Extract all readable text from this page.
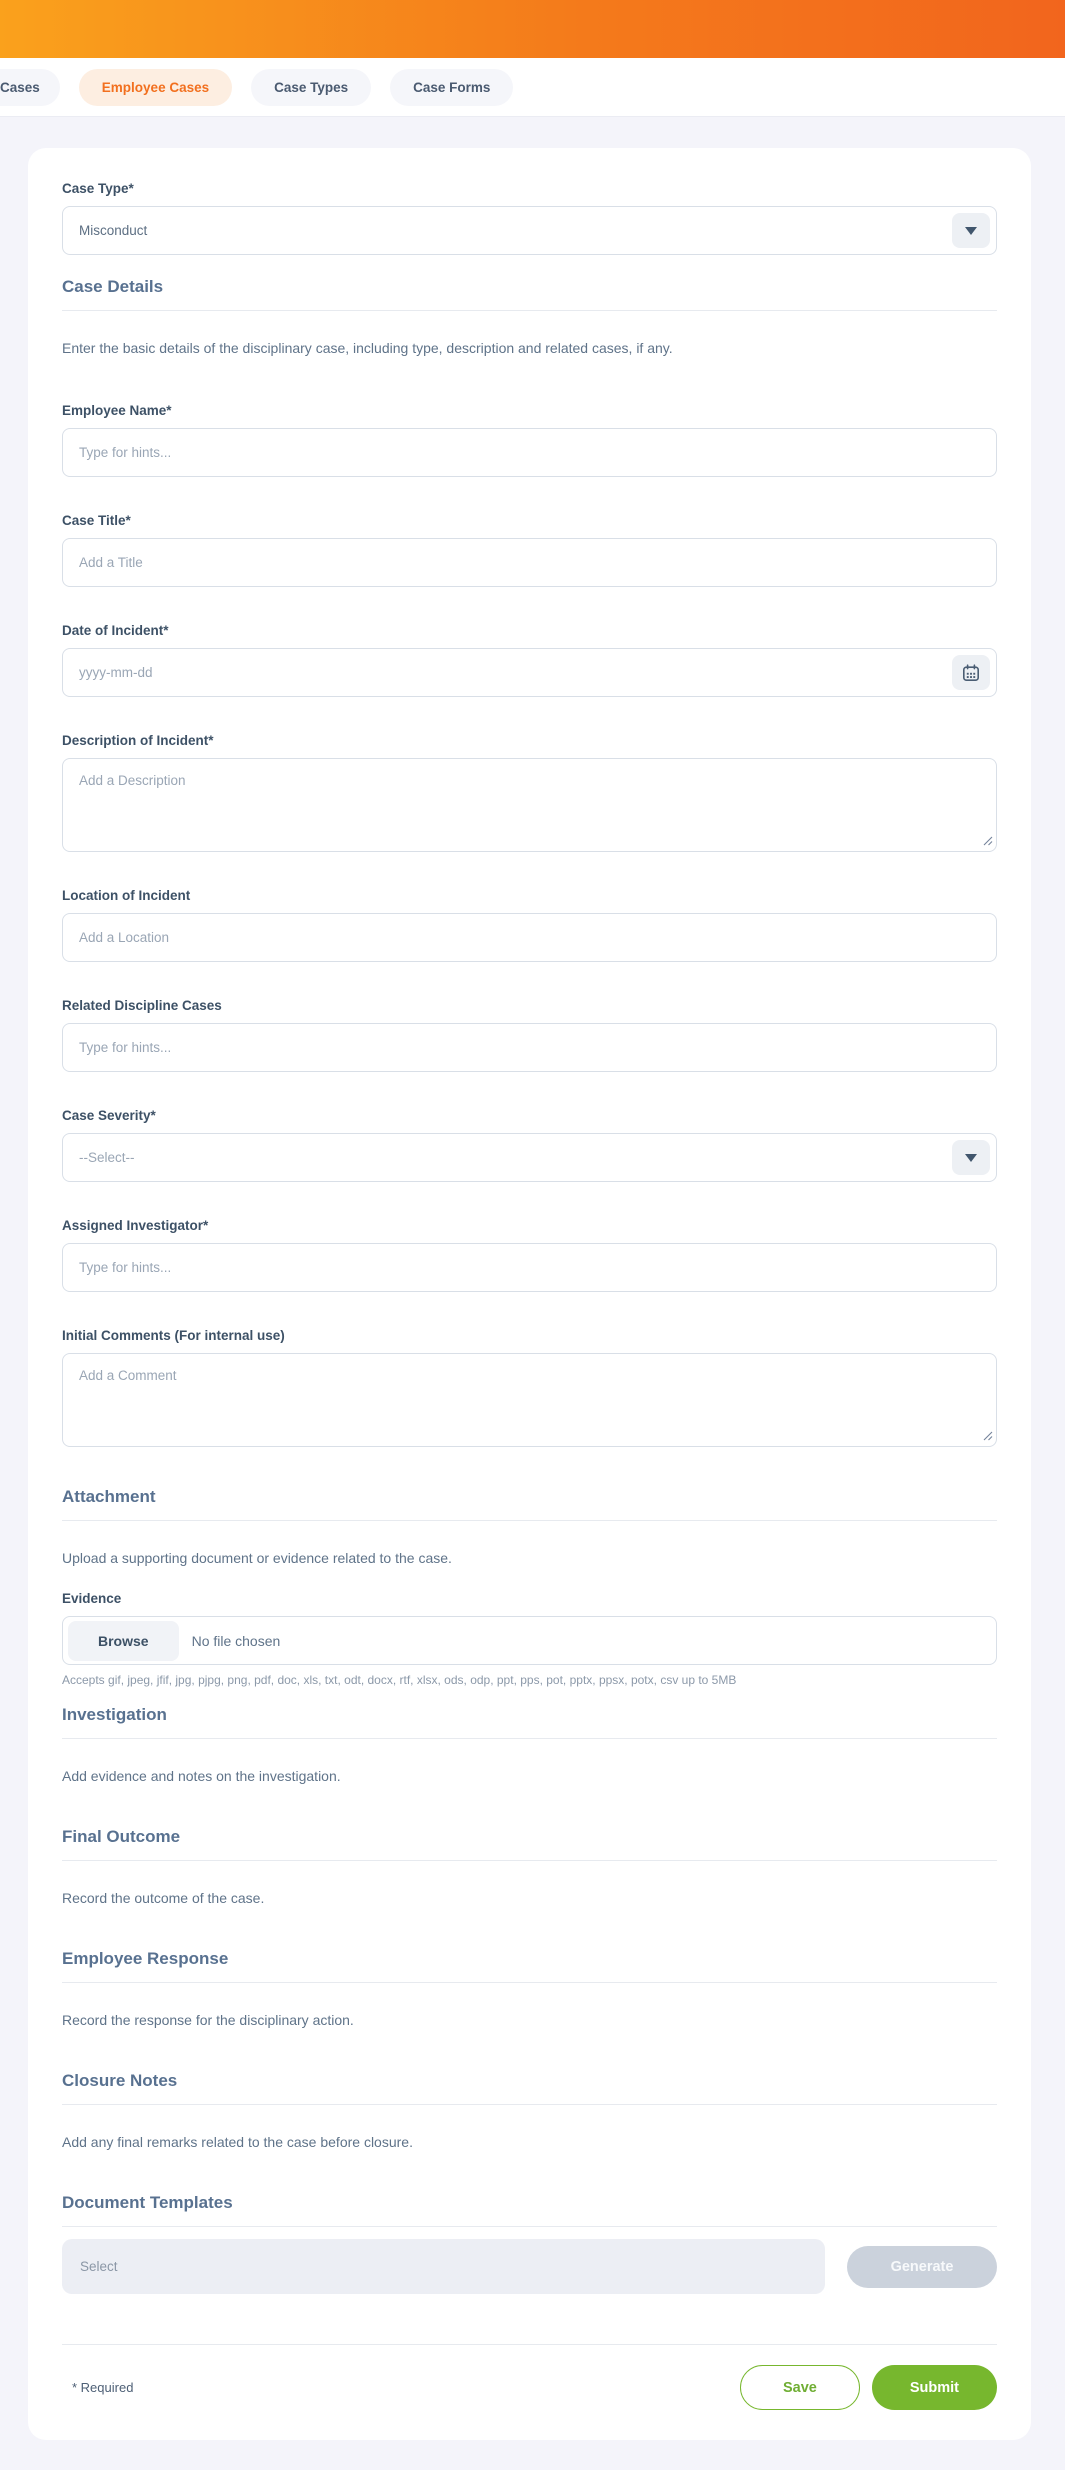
Cases	Employee Cases	Case Types	Case Forms
Case Type*
Misconduct
Case Details

Enter the basic details of the disciplinary case, including type, description and related cases, if any.

Employee Name*
Type for hints...
Case Title*
Add a Title
Date of Incident*
yyyy-mm-dd
Description of Incident*
Add a Description
Location of Incident
Add a Location
Related Discipline Cases
Type for hints...
Case Severity*
--Select--
Assigned Investigator*
Type for hints...
Initial Comments (For internal use)
Add a Comment
Attachment

Upload a supporting document or evidence related to the case.

Evidence
Browse	No file chosen

Accepts gif, jpeg, jfif, jpg, pjpg, png, pdf, doc, xls, txt, odt, docx, rtf, xlsx, ods, odp, ppt, pps, pot, pptx, ppsx, potx, csv up to 5MB

Investigation

Add evidence and notes on the investigation.

Final Outcome

Record the outcome of the case.

Employee Response

Record the response for the disciplinary action.

Closure Notes

Add any final remarks related to the case before closure.

Document Templates
Select	Generate
* Required	Save	Submit
